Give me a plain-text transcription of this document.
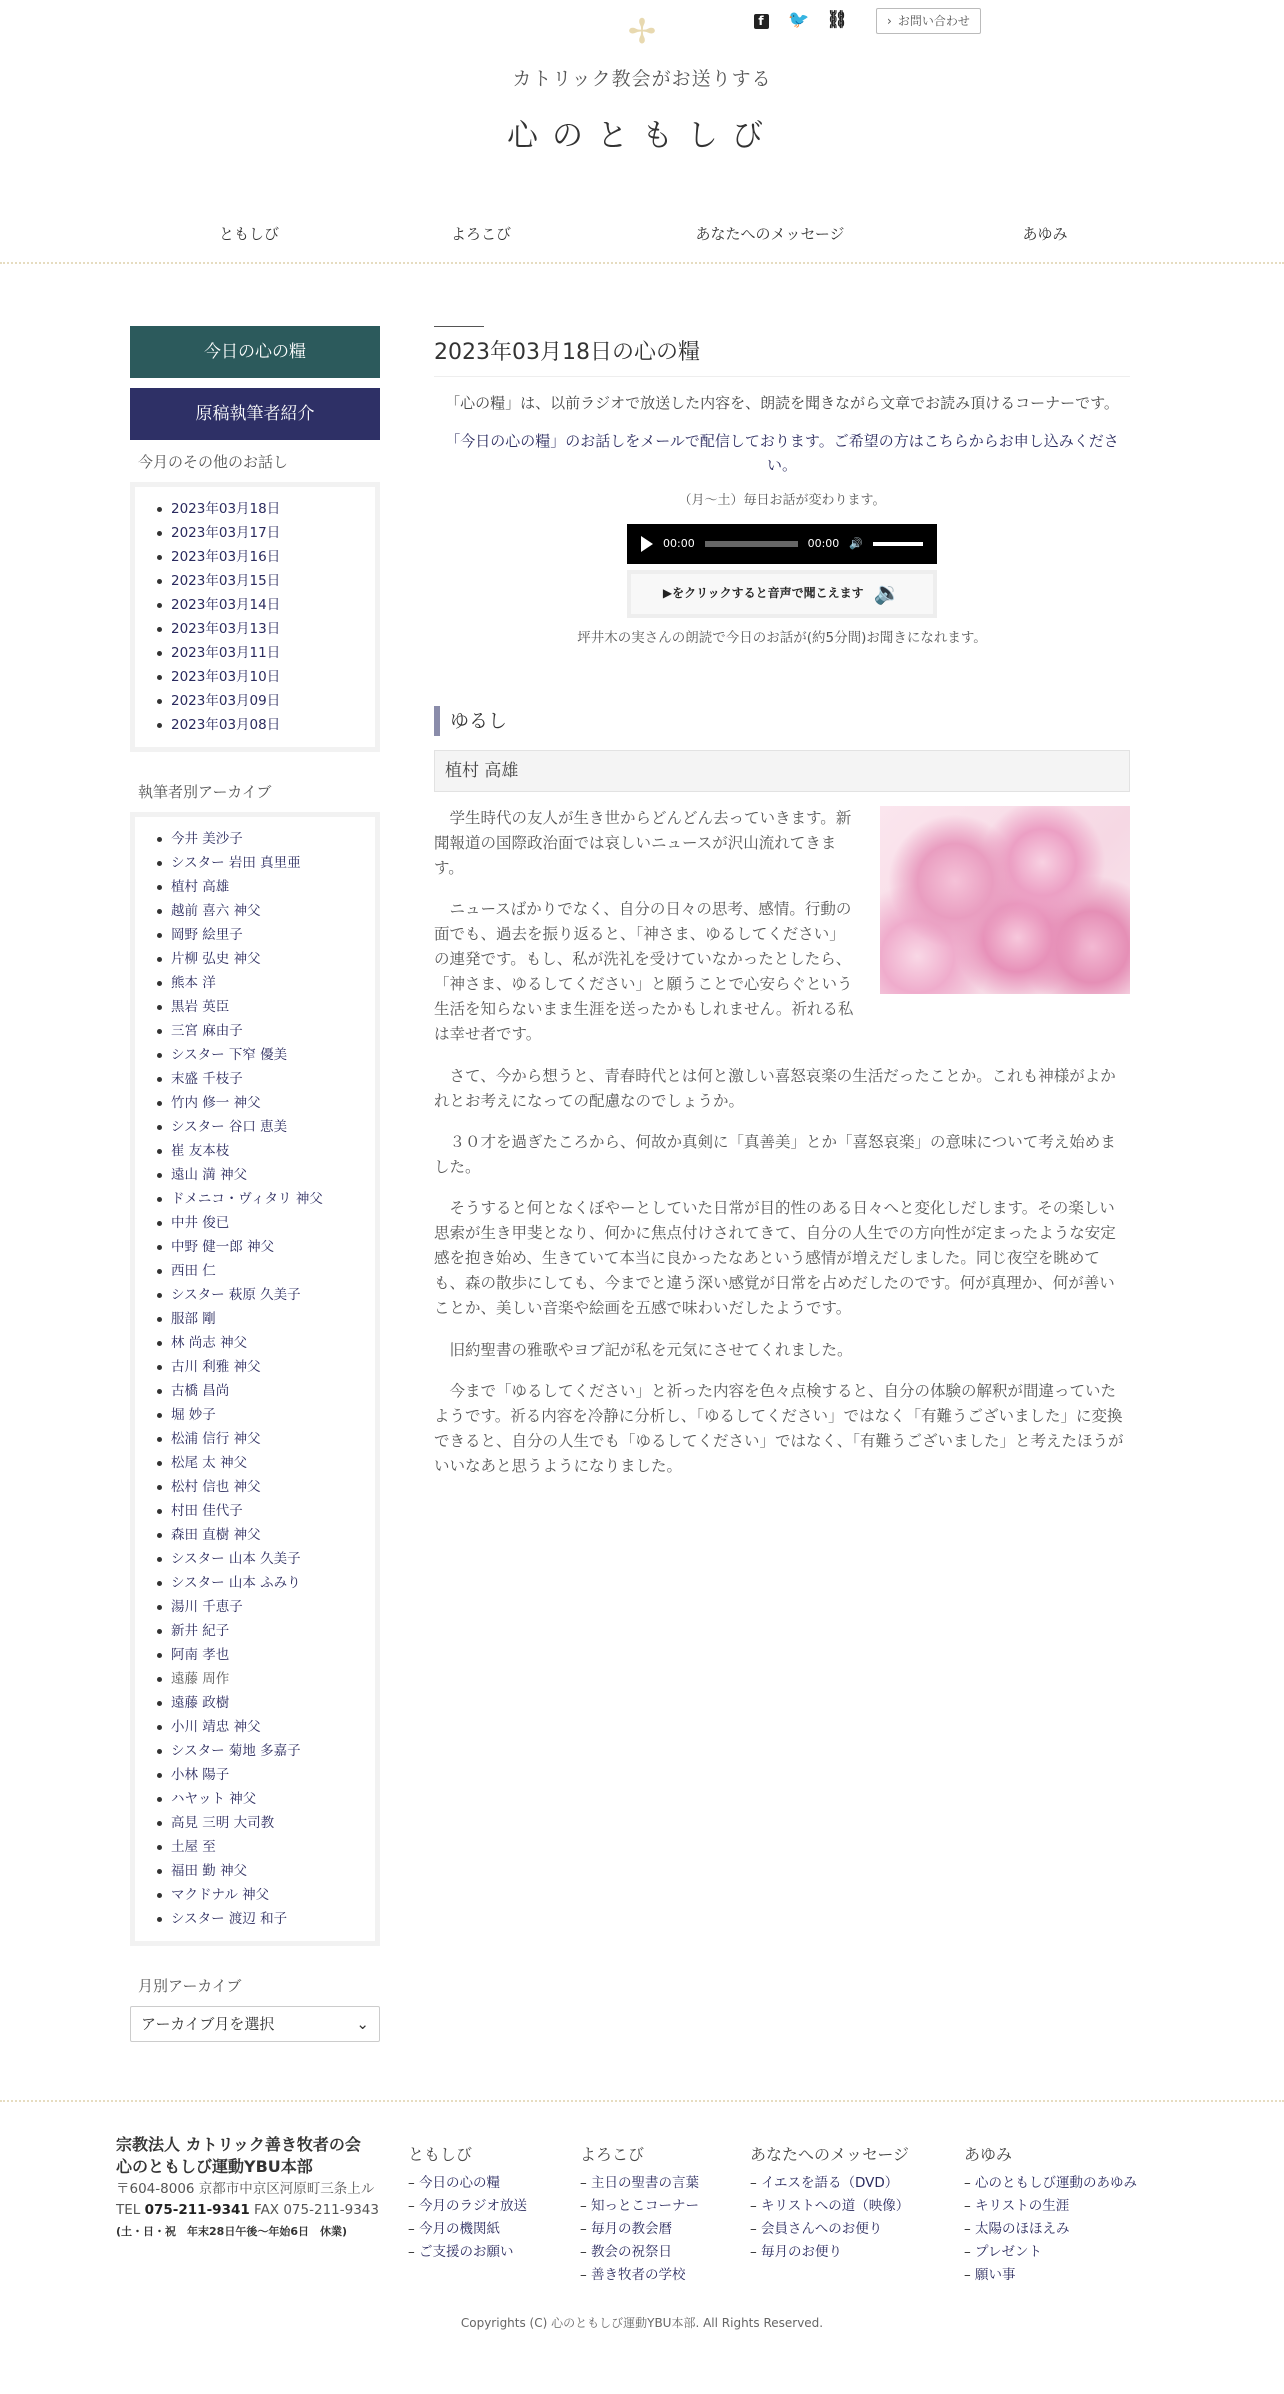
✢	f 🐦 ⛓	› お問い合わせ
カトリック教会がお送りする
心のともしび
ともしび	よろこび	あなたへのメッセージ	あゆみ
今日の心の糧
原稿執筆者紹介
今月のその他のお話し
2023年03月18日
2023年03月17日
2023年03月16日
2023年03月15日
2023年03月14日
2023年03月13日
2023年03月11日
2023年03月10日
2023年03月09日
2023年03月08日
執筆者別アーカイブ
今井 美沙子
シスター 岩田 真里亜
植村 高雄
越前 喜六 神父
岡野 絵里子
片柳 弘史 神父
熊本 洋
黒岩 英臣
三宮 麻由子
シスター 下窄 優美
末盛 千枝子
竹内 修一 神父
シスター 谷口 恵美
崔 友本枝
遠山 満 神父
ドメニコ・ヴィタリ 神父
中井 俊已
中野 健一郎 神父
西田 仁
シスター 萩原 久美子
服部 剛
林 尚志 神父
古川 利雅 神父
古橋 昌尚
堀 妙子
松浦 信行 神父
松尾 太 神父
松村 信也 神父
村田 佳代子
森田 直樹 神父
シスター 山本 久美子
シスター 山本 ふみり
湯川 千恵子
新井 紀子
阿南 孝也
遠藤 周作
遠藤 政樹
小川 靖忠 神父
シスター 菊地 多嘉子
小林 陽子
ハヤット 神父
高見 三明 大司教
土屋 至
福田 勤 神父
マクドナル 神父
シスター 渡辺 和子
月別アーカイブ
アーカイブ月を選択	⌄
2023年03月18日の心の糧
「心の糧」は、以前ラジオで放送した内容を、朗読を聞きながら文章でお読み頂けるコーナーです。
「今日の心の糧」のお話しをメールで配信しております。ご希望の方はこちらからお申し込みください。
（月～土）毎日お話が変わります。
00:00	00:00 🔊
▶をクリックすると音声で聞こえます 🔉
坪井木の実さんの朗読で今日のお話が(約5分間)お聞きになれます。
ゆるし
植村 高雄

学生時代の友人が生き世からどんどん去っていきます。新聞報道の国際政治面では哀しいニュースが沢山流れてきます。

ニュースばかりでなく、自分の日々の思考、感情。行動の面でも、過去を振り返ると、「神さま、ゆるしてください」の連発です。もし、私が洗礼を受けていなかったとしたら、「神さま、ゆるしてください」と願うことで心安らぐという生活を知らないまま生涯を送ったかもしれません。祈れる私は幸せ者です。

さて、今から想うと、青春時代とは何と激しい喜怒哀楽の生活だったことか。これも神様がよかれとお考えになっての配慮なのでしょうか。

３０才を過ぎたころから、何故か真剣に「真善美」とか「喜怒哀楽」の意味について考え始めました。

そうすると何となくぼやーとしていた日常が目的性のある日々へと変化しだします。その楽しい思索が生き甲斐となり、何かに焦点付けされてきて、自分の人生での方向性が定まったような安定感を抱き始め、生きていて本当に良かったなあという感情が増えだしました。同じ夜空を眺めても、森の散歩にしても、今までと違う深い感覚が日常を占めだしたのです。何が真理か、何が善いことか、美しい音楽や絵画を五感で味わいだしたようです。

旧約聖書の雅歌やヨブ記が私を元気にさせてくれました。

今まで「ゆるしてください」と祈った内容を色々点検すると、自分の体験の解釈が間違っていたようです。祈る内容を冷静に分析し、「ゆるしてください」ではなく「有難うございました」に変換できると、自分の人生でも「ゆるしてください」ではなく、「有難うございました」と考えたほうがいいなあと思うようになりました。

宗教法人 カトリック善き牧者の会
心のともしび運動YBU本部
〒604-8006 京都市中京区河原町三条上ル
TEL 075-211-9341 FAX 075-211-9343
(土・日・祝　年末28日午後〜年始6日　休業)
ともしび
– 今日の心の糧
– 今月のラジオ放送
– 今月の機関紙
– ご支援のお願い
よろこび
– 主日の聖書の言葉
– 知っとこコーナー
– 毎月の教会暦
– 教会の祝祭日
– 善き牧者の学校
あなたへのメッセージ
– イエスを語る（DVD）
– キリストへの道（映像）
– 会員さんへのお便り
– 毎月のお便り
あゆみ
– 心のともしび運動のあゆみ
– キリストの生涯
– 太陽のほほえみ
– プレゼント
– 願い事
Copyrights (C) 心のともしび運動YBU本部. All Rights Reserved.
